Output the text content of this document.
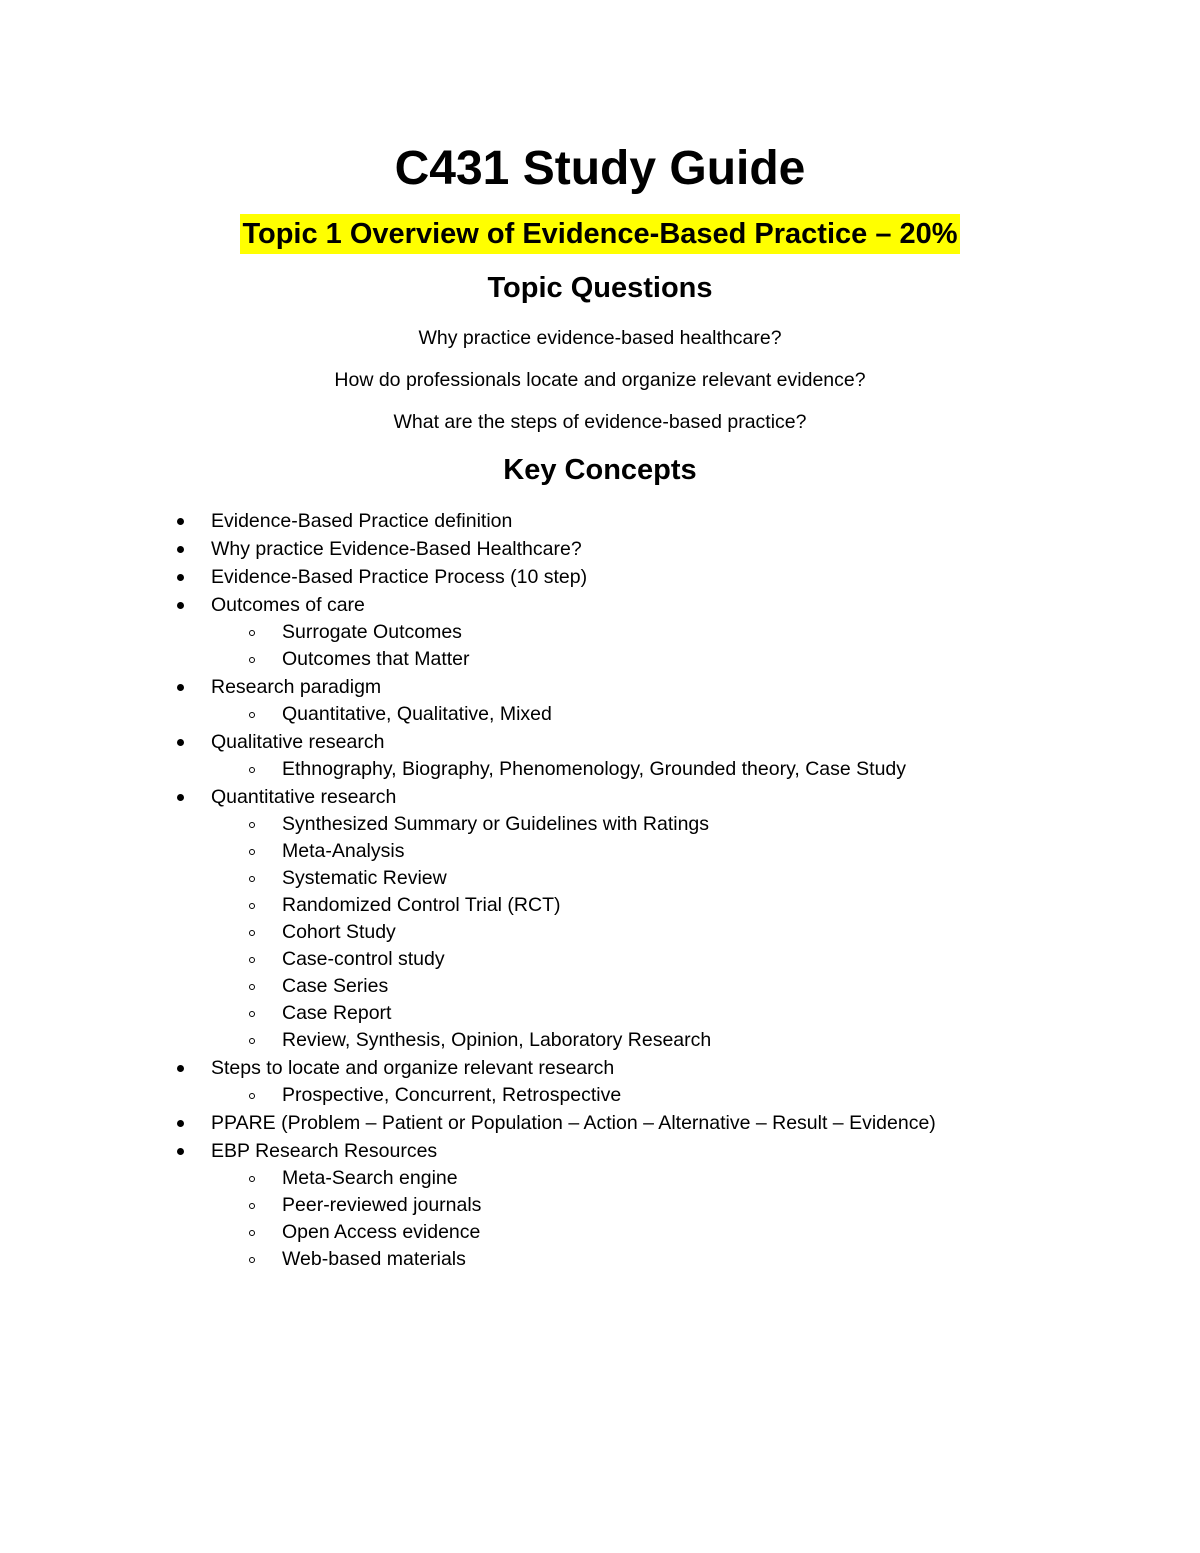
C431 Study Guide
Topic 1 Overview of Evidence-Based Practice – 20%
Topic Questions

Why practice evidence-based healthcare?

How do professionals locate and organize relevant evidence?

What are the steps of evidence-based practice?

Key Concepts
Evidence-Based Practice definition
Why practice Evidence-Based Healthcare?
Evidence-Based Practice Process (10 step)
Outcomes of care
Surrogate Outcomes
Outcomes that Matter
Research paradigm
Quantitative, Qualitative, Mixed
Qualitative research
Ethnography, Biography, Phenomenology, Grounded theory, Case Study
Quantitative research
Synthesized Summary or Guidelines with Ratings
Meta-Analysis
Systematic Review
Randomized Control Trial (RCT)
Cohort Study
Case-control study
Case Series
Case Report
Review, Synthesis, Opinion, Laboratory Research
Steps to locate and organize relevant research
Prospective, Concurrent, Retrospective
PPARE (Problem – Patient or Population – Action – Alternative – Result – Evidence)
EBP Research Resources
Meta-Search engine
Peer-reviewed journals
Open Access evidence
Web-based materials
